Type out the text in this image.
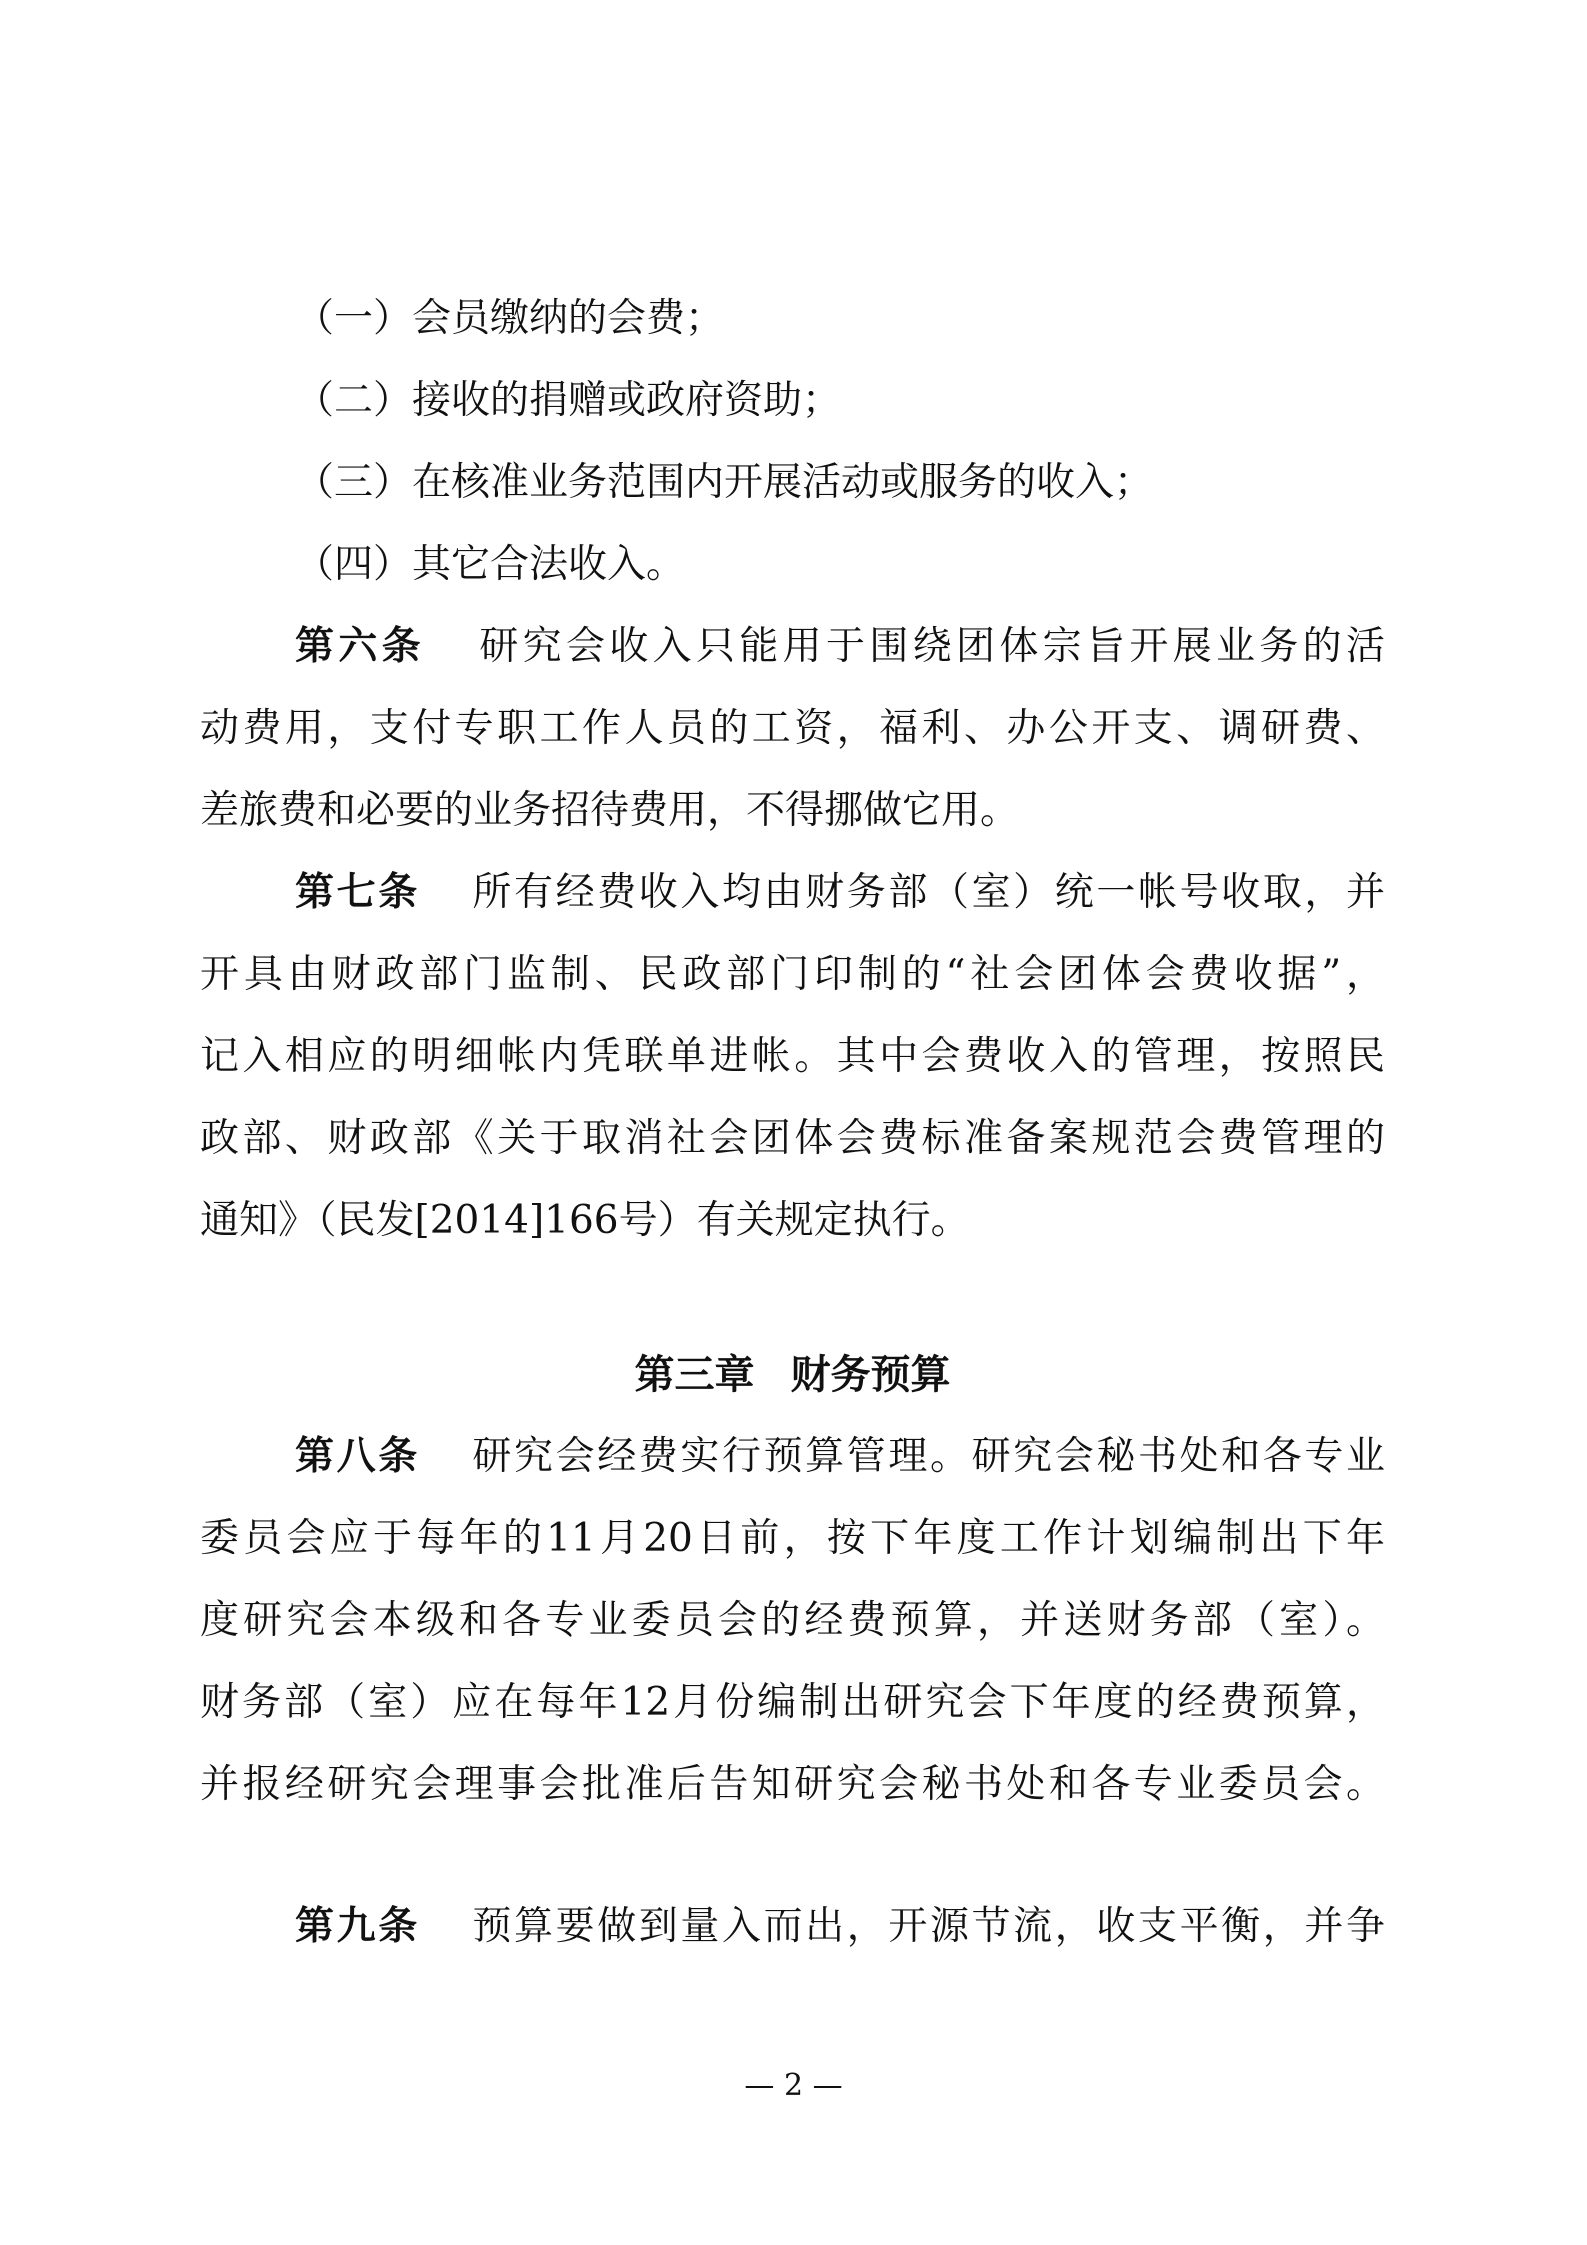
（一）会员缴纳的会费；
（二）接收的捐赠或政府资助；
（三）在核准业务范围内开展活动或服务的收入；
（四）其它合法收入。
第六条 研究会收入只能用于围绕团体宗旨开展业务的活
动费用，支付专职工作人员的工资，福利、办公开支、调研费、
差旅费和必要的业务招待费用，不得挪做它用。
第七条 所有经费收入均由财务部（室）统一帐号收取，并
开具由财政部门监制、民政部门印制的“社会团体会费收据”，
记入相应的明细帐内凭联单进帐。其中会费收入的管理，按照民
政部、财政部《关于取消社会团体会费标准备案规范会费管理的
通知》（民发[2014]166号）有关规定执行。
第三章 财务预算
第八条 研究会经费实行预算管理。研究会秘书处和各专业
委员会应于每年的11月20日前，按下年度工作计划编制出下年
度研究会本级和各专业委员会的经费预算，并送财务部（室）。
财务部（室）应在每年12月份编制出研究会下年度的经费预算，
并报经研究会理事会批准后告知研究会秘书处和各专业委员会。
第九条 预算要做到量入而出，开源节流，收支平衡，并争
— 2 —
